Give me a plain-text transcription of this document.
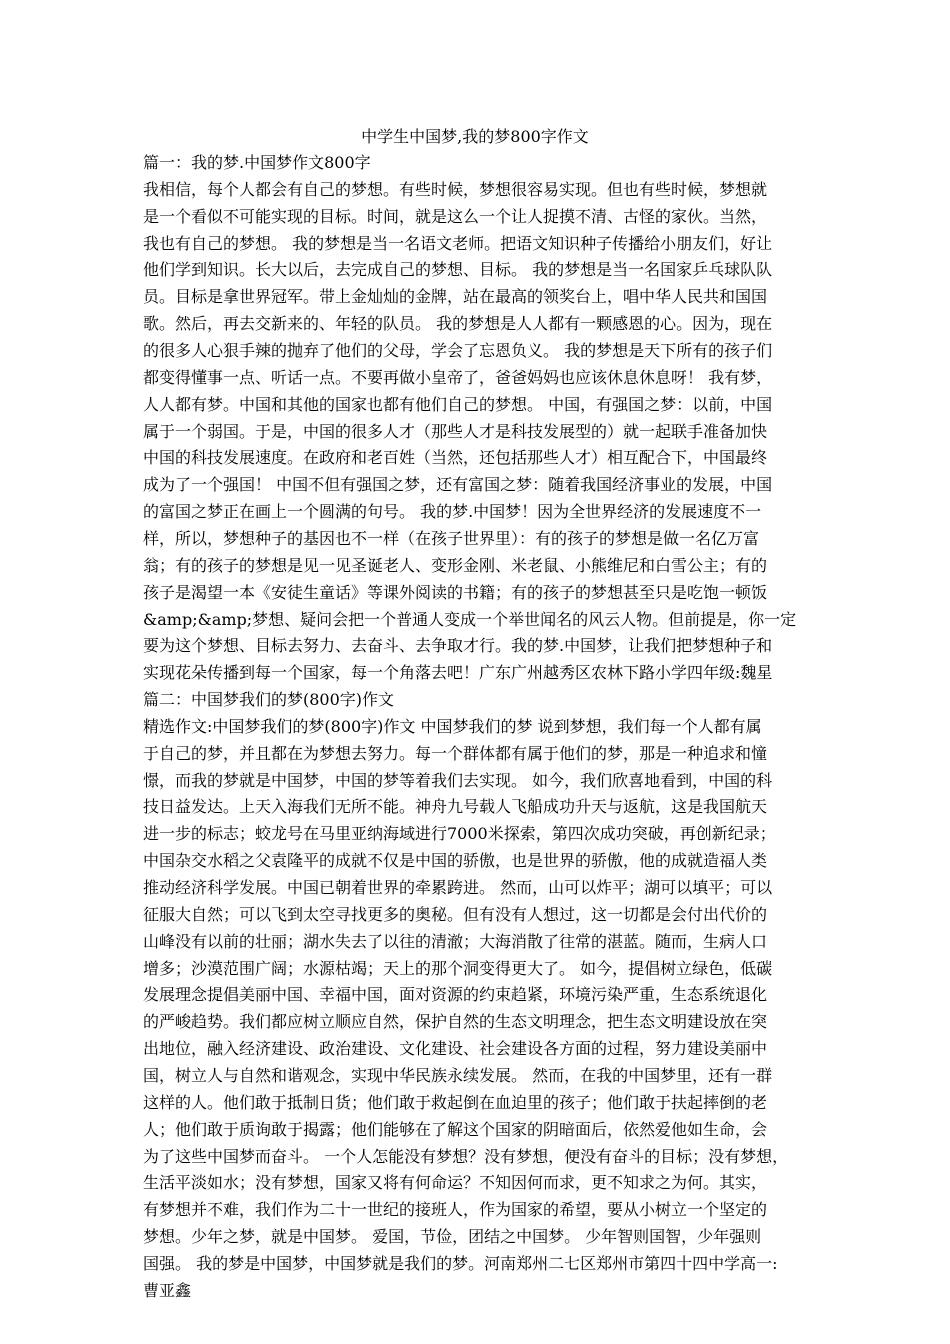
中学生中国梦,我的梦800字作文
篇一：我的梦.中国梦作文800字
我相信，每个人都会有自己的梦想。有些时候，梦想很容易实现。但也有些时候，梦想就
是一个看似不可能实现的目标。时间，就是这么一个让人捉摸不清、古怪的家伙。当然，
我也有自己的梦想。 我的梦想是当一名语文老师。把语文知识种子传播给小朋友们，好让
他们学到知识。长大以后，去完成自己的梦想、目标。 我的梦想是当一名国家乒乓球队队
员。目标是拿世界冠军。带上金灿灿的金牌，站在最高的领奖台上，唱中华人民共和国国
歌。然后，再去交新来的、年轻的队员。 我的梦想是人人都有一颗感恩的心。因为，现在
的很多人心狠手辣的抛弃了他们的父母，学会了忘恩负义。 我的梦想是天下所有的孩子们
都变得懂事一点、听话一点。不要再做小皇帝了，爸爸妈妈也应该休息休息呀！ 我有梦，
人人都有梦。中国和其他的国家也都有他们自己的梦想。 中国，有强国之梦：以前，中国
属于一个弱国。于是，中国的很多人才（那些人才是科技发展型的）就一起联手准备加快
中国的科技发展速度。在政府和老百姓（当然，还包括那些人才）相互配合下，中国最终
成为了一个强国！ 中国不但有强国之梦，还有富国之梦：随着我国经济事业的发展，中国
的富国之梦正在画上一个圆满的句号。 我的梦.中国梦！因为全世界经济的发展速度不一
样，所以，梦想种子的基因也不一样（在孩子世界里）：有的孩子的梦想是做一名亿万富
翁；有的孩子的梦想是见一见圣诞老人、变形金刚、米老鼠、小熊维尼和白雪公主；有的
孩子是渴望一本《安徒生童话》等课外阅读的书籍；有的孩子的梦想甚至只是吃饱一顿饭
&amp;&amp;梦想、疑问会把一个普通人变成一个举世闻名的风云人物。但前提是，你一定
要为这个梦想、目标去努力、去奋斗、去争取才行。我的梦.中国梦，让我们把梦想种子和
实现花朵传播到每一个国家，每一个角落去吧！广东广州越秀区农林下路小学四年级:魏星
篇二：中国梦我们的梦(800字)作文
精选作文:中国梦我们的梦(800字)作文 中国梦我们的梦 说到梦想，我们每一个人都有属
于自己的梦，并且都在为梦想去努力。每一个群体都有属于他们的梦，那是一种追求和憧
憬，而我的梦就是中国梦，中国的梦等着我们去实现。 如今，我们欣喜地看到，中国的科
技日益发达。上天入海我们无所不能。神舟九号载人飞船成功升天与返航，这是我国航天
进一步的标志；蛟龙号在马里亚纳海域进行7000米探索，第四次成功突破，再创新纪录；
中国杂交水稻之父袁隆平的成就不仅是中国的骄傲，也是世界的骄傲，他的成就造福人类
推动经济科学发展。中国已朝着世界的牵累跨进。 然而，山可以炸平；湖可以填平；可以
征服大自然；可以飞到太空寻找更多的奥秘。但有没有人想过，这一切都是会付出代价的
山峰没有以前的壮丽；湖水失去了以往的清澈；大海消散了往常的湛蓝。随而，生病人口
增多；沙漠范围广阔；水源枯竭；天上的那个洞变得更大了。 如今，提倡树立绿色，低碳
发展理念提倡美丽中国、幸福中国，面对资源的约束趋紧，环境污染严重，生态系统退化
的严峻趋势。我们都应树立顺应自然，保护自然的生态文明理念，把生态文明建设放在突
出地位，融入经济建设、政治建设、文化建设、社会建设各方面的过程，努力建设美丽中
国，树立人与自然和谐观念，实现中华民族永续发展。 然而，在我的中国梦里，还有一群
这样的人。他们敢于抵制日货；他们敢于救起倒在血迫里的孩子；他们敢于扶起摔倒的老
人；他们敢于质询敢于揭露；他们能够在了解这个国家的阴暗面后，依然爱他如生命，会
为了这些中国梦而奋斗。 一个人怎能没有梦想？没有梦想，便没有奋斗的目标；没有梦想，
生活平淡如水；没有梦想，国家又将有何命运？不知因何而求，更不知求之为何。其实，
有梦想并不难，我们作为二十一世纪的接班人，作为国家的希望，要从小树立一个坚定的
梦想。少年之梦，就是中国梦。 爱国，节俭，团结之中国梦。 少年智则国智，少年强则
国强。 我的梦是中国梦，中国梦就是我们的梦。河南郑州二七区郑州市第四十四中学高一:
曹亚鑫
